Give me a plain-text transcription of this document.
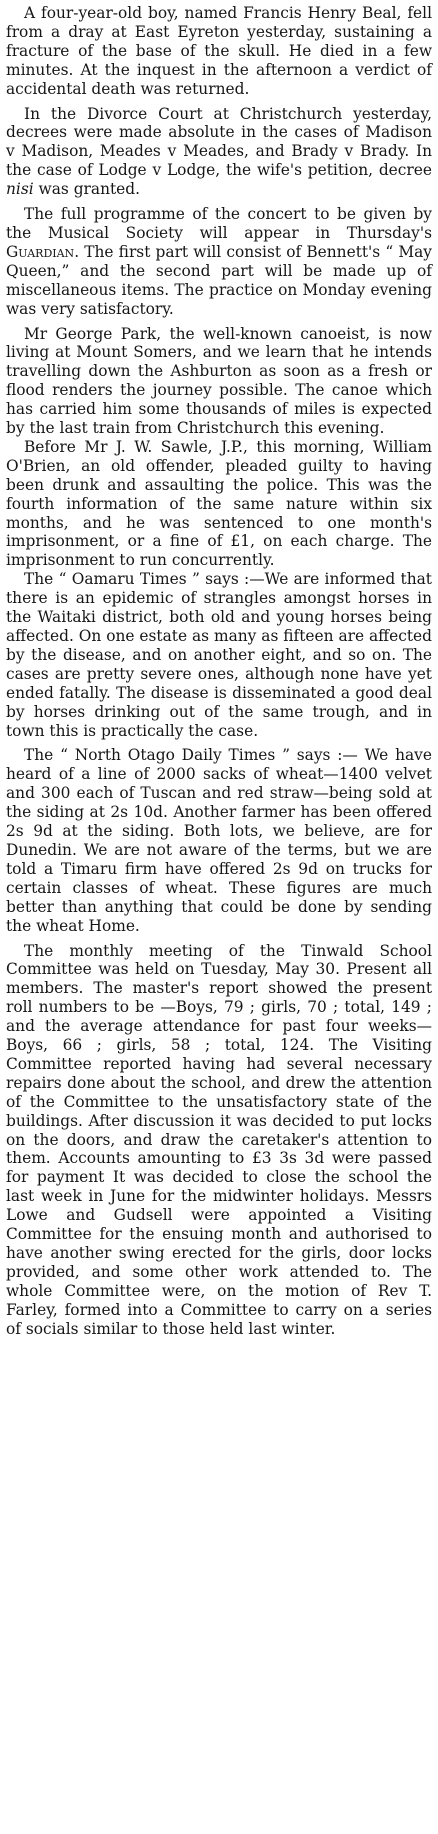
A four-year-old boy, named Francis Henry Beal, fell from a dray at East Eyreton yesterday, sustaining a fracture of the base of the skull. He died in a few minutes. At the inquest in the afternoon a verdict of accidental death was returned.

In the Divorce Court at Christchurch yesterday, decrees were made absolute in the cases of Madison v Madison, Meades v Meades, and Brady v Brady. In the case of Lodge v Lodge, the wife's petition, decree nisi was granted.

The full programme of the concert to be given by the Musical Society will appear in Thursday's Guardian. The first part will consist of Bennett's “ May Queen,” and the second part will be made up of miscellaneous items. The practice on Monday evening was very satisfactory.

Mr George Park, the well-known canoeist, is now living at Mount Somers, and we learn that he intends travelling down the Ashburton as soon as a fresh or flood renders the journey possible. The canoe which has carried him some thousands of miles is expected by the last train from Christchurch this evening.

Before Mr J. W. Sawle, J.P., this morning, William O'Brien, an old offender, pleaded guilty to having been drunk and assaulting the police. This was the fourth information of the same nature within six months, and he was sentenced to one month's imprisonment, or a fine of £1, on each charge. The imprisonment to run concurrently.

The “ Oamaru Times ” says :—We are informed that there is an epidemic of strangles amongst horses in the Waitaki district, both old and young horses being affected. On one estate as many as fifteen are affected by the disease, and on another eight, and so on. The cases are pretty severe ones, although none have yet ended fatally. The disease is disseminated a good deal by horses drinking out of the same trough, and in town this is practically the case.

The “ North Otago Daily Times ” says :— We have heard of a line of 2000 sacks of wheat—1400 velvet and 300 each of Tuscan and red straw—being sold at the siding at 2s 10d. Another farmer has been offered 2s 9d at the siding. Both lots, we believe, are for Dunedin. We are not aware of the terms, but we are told a Timaru firm have offered 2s 9d on trucks for certain classes of wheat. These figures are much better than anything that could be done by sending the wheat Home.

The monthly meeting of the Tinwald School Committee was held on Tuesday, May 30. Present all members. The master's report showed the present roll numbers to be —Boys, 79 ; girls, 70 ; total, 149 ; and the average attendance for past four weeks— Boys, 66 ; girls, 58 ; total, 124. The Visiting Committee reported having had several necessary repairs done about the school, and drew the attention of the Committee to the unsatisfactory state of the buildings. After discussion it was decided to put locks on the doors, and draw the caretaker's attention to them. Accounts amounting to £3 3s 3d were passed for payment It was decided to close the school the last week in June for the midwinter holidays. Messrs Lowe and Gudsell were appointed a Visiting Committee for the ensuing month and authorised to have another swing erected for the girls, door locks provided, and some other work attended to. The whole Committee were, on the motion of Rev T. Farley, formed into a Committee to carry on a series of socials similar to those held last winter.
